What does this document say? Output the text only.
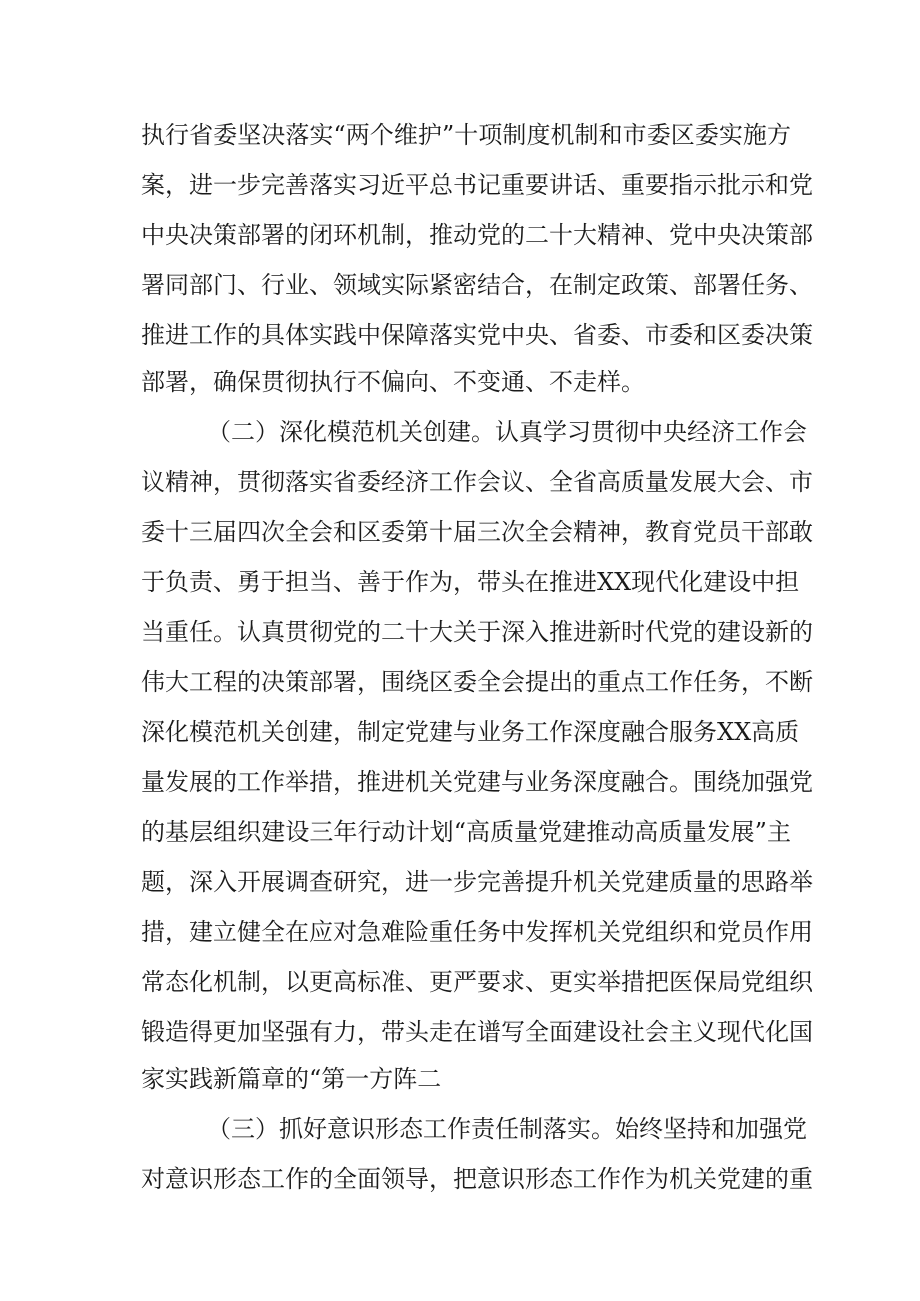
执行省委坚决落实“两个维护”十项制度机制和市委区委实施方
案，进一步完善落实习近平总书记重要讲话、重要指示批示和党
中央决策部署的闭环机制，推动党的二十大精神、党中央决策部
署同部门、行业、领域实际紧密结合，在制定政策、部署任务、
推进工作的具体实践中保障落实党中央、省委、市委和区委决策
部署，确保贯彻执行不偏向、不变通、不走样。
（二）深化模范机关创建。认真学习贯彻中央经济工作会
议精神，贯彻落实省委经济工作会议、全省高质量发展大会、市
委十三届四次全会和区委第十届三次全会精神，教育党员干部敢
于负责、勇于担当、善于作为，带头在推进XX现代化建设中担
当重任。认真贯彻党的二十大关于深入推进新时代党的建设新的
伟大工程的决策部署，围绕区委全会提出的重点工作任务，不断
深化模范机关创建，制定党建与业务工作深度融合服务XX高质
量发展的工作举措，推进机关党建与业务深度融合。围绕加强党
的基层组织建设三年行动计划“高质量党建推动高质量发展”主
题，深入开展调查研究，进一步完善提升机关党建质量的思路举
措，建立健全在应对急难险重任务中发挥机关党组织和党员作用
常态化机制，以更高标准、更严要求、更实举措把医保局党组织
锻造得更加坚强有力，带头走在谱写全面建设社会主义现代化国
家实践新篇章的“第一方阵二
（三）抓好意识形态工作责任制落实。始终坚持和加强党
对意识形态工作的全面领导，把意识形态工作作为机关党建的重
